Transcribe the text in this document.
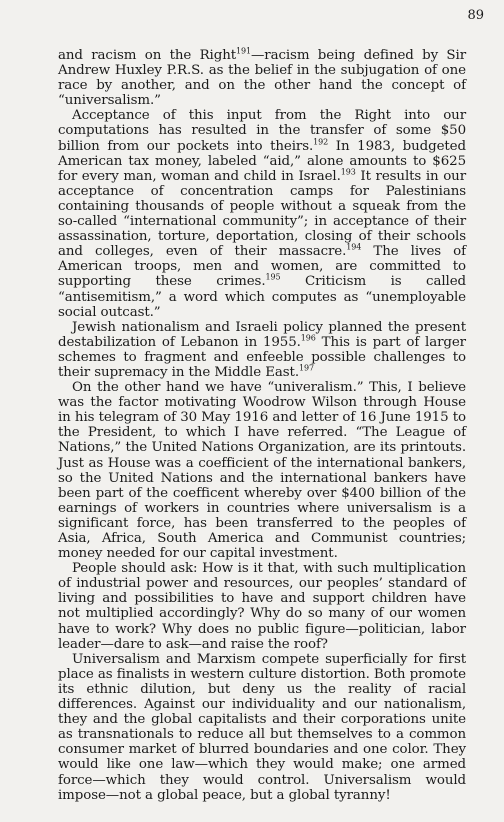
89

and racism on the Right$^{191}$—racism being defined by Sir Andrew Huxley P.R.S. as the belief in the subjugation of one race by another, and on the other hand the concept of “universalism.”

Acceptance of this input from the Right into our computations has resulted in the transfer of some $50 billion from our pockets into theirs.$^{192}$ In 1983, budgeted American tax money, labeled “aid,” alone amounts to $625 for every man, woman and child in Israel.$^{193}$ It results in our acceptance of concentration camps for Palestinians containing thousands of people without a squeak from the so-called “international community”; in acceptance of their assassination, torture, deportation, closing of their schools and colleges, even of their massacre.$^{194}$ The lives of American troops, men and women, are committed to supporting these crimes.$^{195}$ Criticism is called “antisemitism,” a word which computes as “unemployable social outcast.”

Jewish nationalism and Israeli policy planned the present destabilization of Lebanon in 1955.$^{196}$ This is part of larger schemes to fragment and enfeeble possible challenges to their supremacy in the Middle East.$^{197}$

On the other hand we have “univeralism.” This, I believe was the factor motivating Woodrow Wilson through House in his telegram of 30 May 1916 and letter of 16 June 1915 to the President, to which I have referred. “The League of Nations,” the United Nations Organization, are its printouts. Just as House was a coefficient of the international bankers, so the United Nations and the international bankers have been part of the coefficent whereby over $400 billion of the earnings of workers in countries where universalism is a significant force, has been transferred to the peoples of Asia, Africa, South America and Communist countries; money needed for our capital investment.

People should ask: How is it that, with such multiplication of industrial power and resources, our peoples’ standard of living and possibilities to have and support children have not multiplied accordingly? Why do so many of our women have to work? Why does no public figure—politician, labor leader—dare to ask—and raise the roof?

Universalism and Marxism compete superficially for first place as finalists in western culture distortion. Both promote its ethnic dilution, but deny us the reality of racial differences. Against our individuality and our nationalism, they and the global capitalists and their corporations unite as transnationals to reduce all but themselves to a common consumer market of blurred boundaries and one color. They would like one law—which they would make; one armed force—which they would control. Universalism would impose—not a global peace, but a global tyranny!
